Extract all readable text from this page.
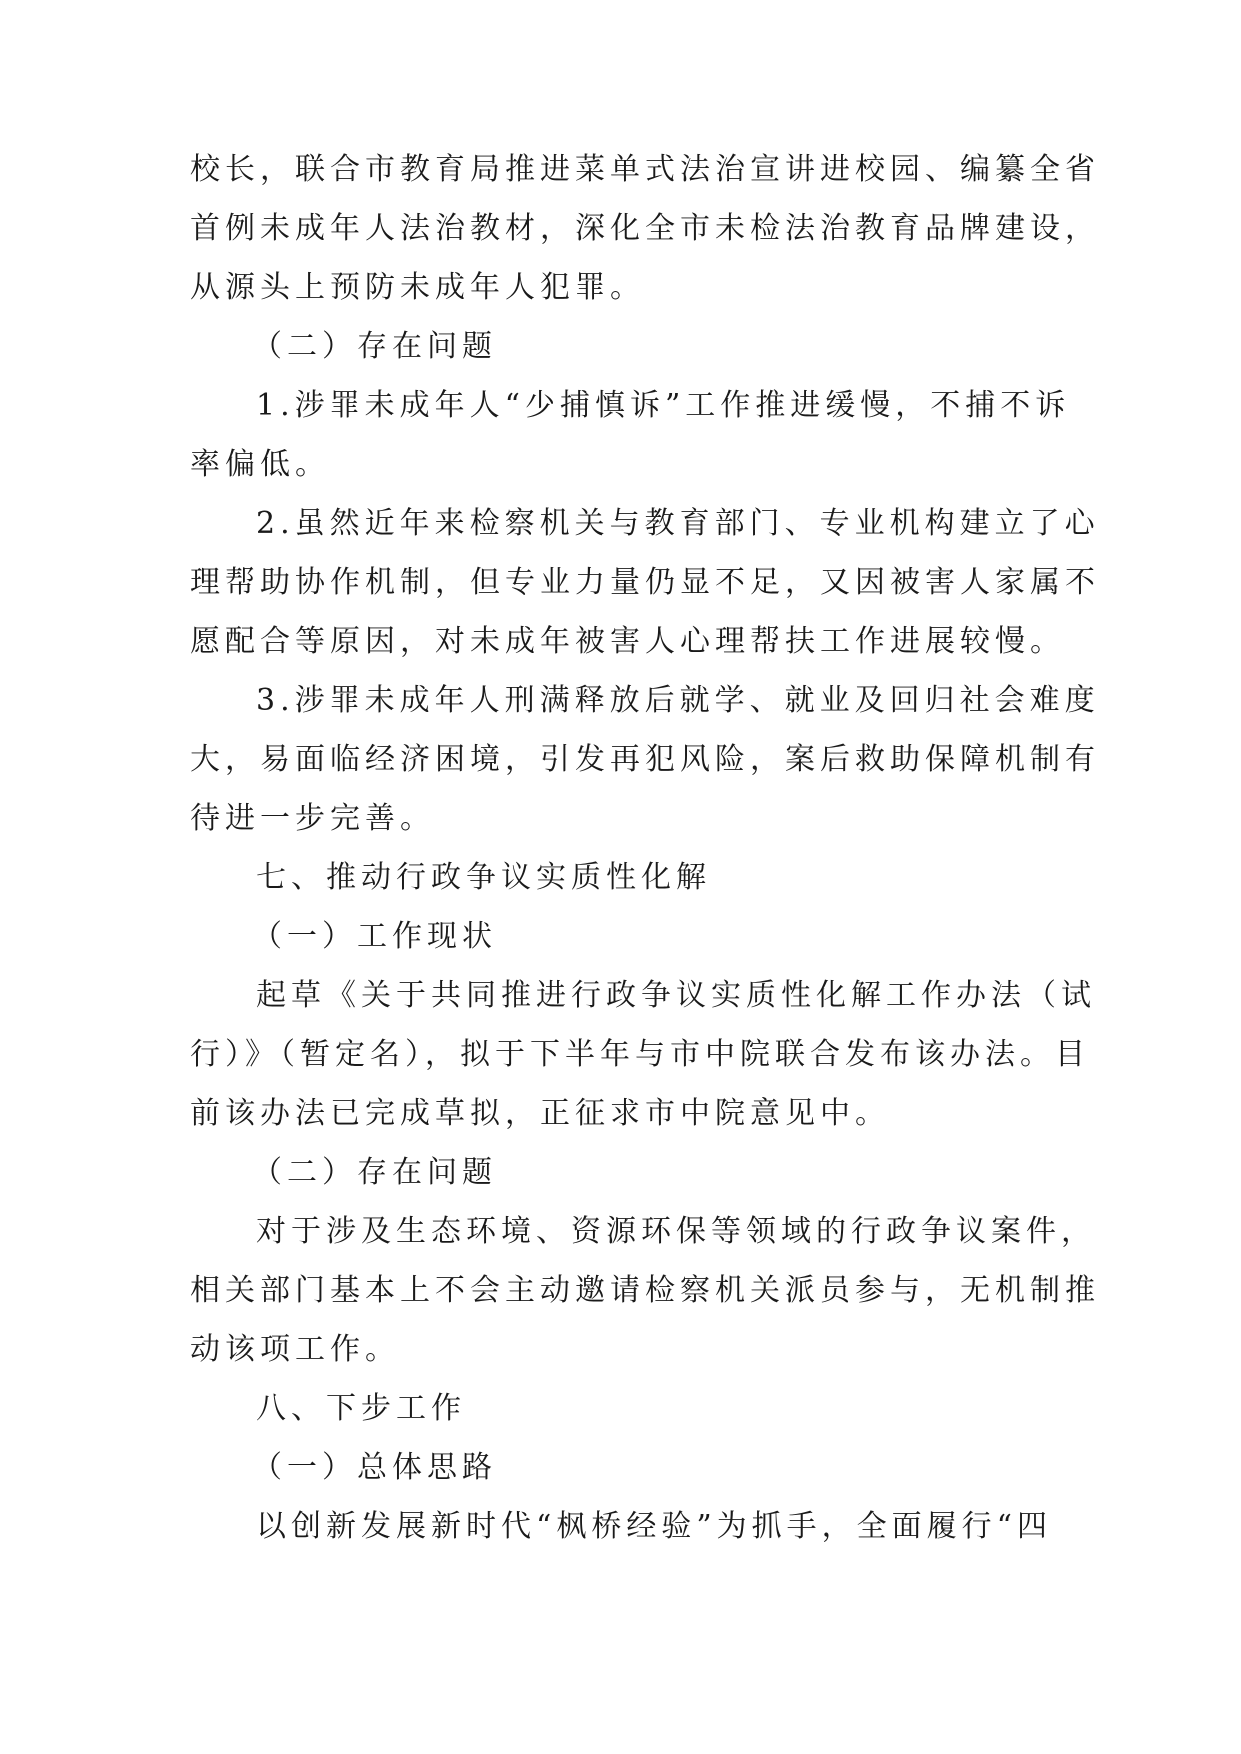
校长，联合市教育局推进菜单式法治宣讲进校园、编纂全省
首例未成年人法治教材，深化全市未检法治教育品牌建设，
从源头上预防未成年人犯罪。
（二）存在问题
1.涉罪未成年人“少捕慎诉”工作推进缓慢，不捕不诉
率偏低。
2.虽然近年来检察机关与教育部门、专业机构建立了心
理帮助协作机制，但专业力量仍显不足，又因被害人家属不
愿配合等原因，对未成年被害人心理帮扶工作进展较慢。
3.涉罪未成年人刑满释放后就学、就业及回归社会难度
大，易面临经济困境，引发再犯风险，案后救助保障机制有
待进一步完善。
七、推动行政争议实质性化解
（一）工作现状
起草《关于共同推进行政争议实质性化解工作办法（试
行）》（暂定名），拟于下半年与市中院联合发布该办法。目
前该办法已完成草拟，正征求市中院意见中。
（二）存在问题
对于涉及生态环境、资源环保等领域的行政争议案件，
相关部门基本上不会主动邀请检察机关派员参与，无机制推
动该项工作。
八、下步工作
（一）总体思路
以创新发展新时代“枫桥经验”为抓手，全面履行“四
